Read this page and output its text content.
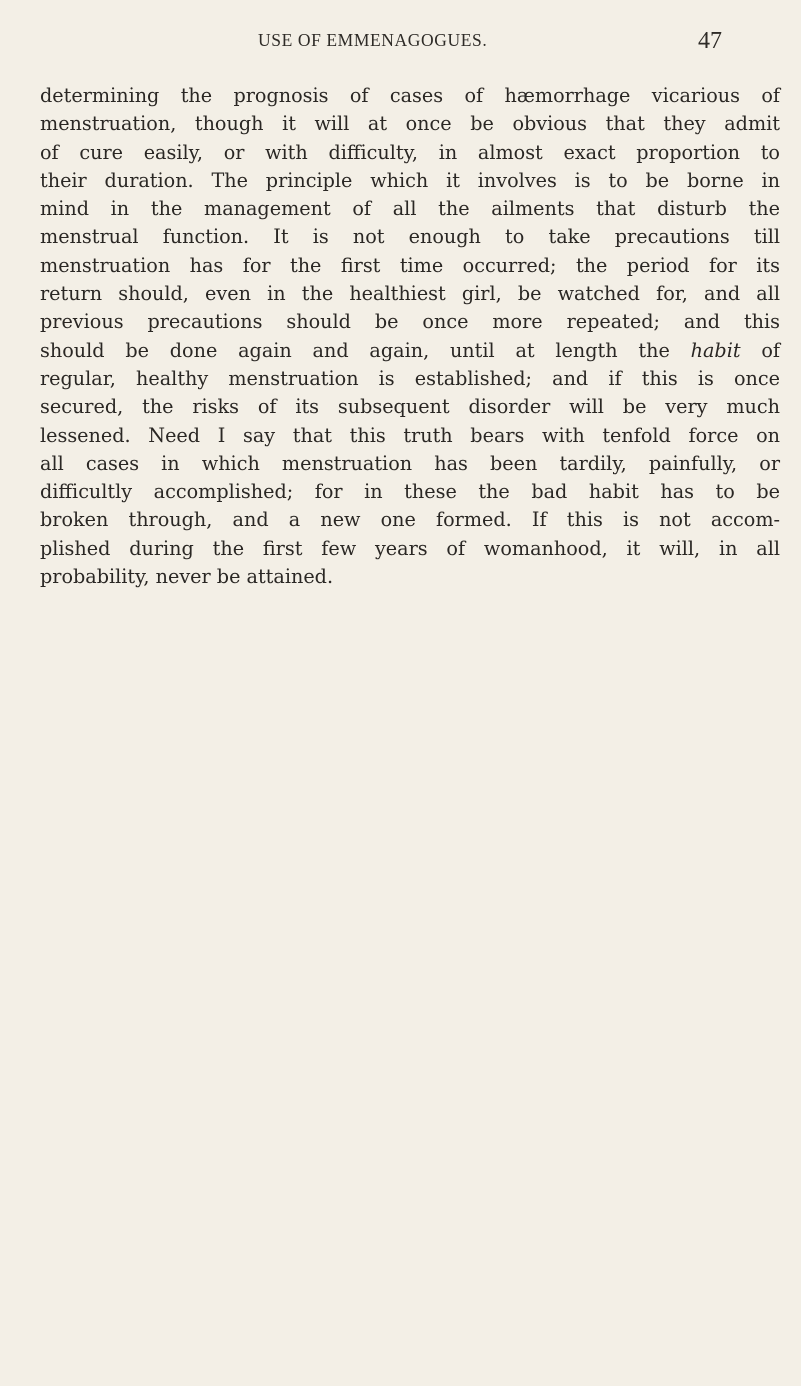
USE OF EMMENAGOGUES.	47
determining the prognosis of cases of hæmorrhage vicarious of
menstruation, though it will at once be obvious that they admit
of cure easily, or with difficulty, in almost exact proportion to
their duration. The principle which it involves is to be borne in
mind in the management of all the ailments that disturb the
menstrual function. It is not enough to take precautions till
menstruation has for the first time occurred; the period for its
return should, even in the healthiest girl, be watched for, and all
previous precautions should be once more repeated; and this
should be done again and again, until at length the habit of
regular, healthy menstruation is established; and if this is once
secured, the risks of its subsequent disorder will be very much
lessened. Need I say that this truth bears with tenfold force on
all cases in which menstruation has been tardily, painfully, or
difficultly accomplished; for in these the bad habit has to be
broken through, and a new one formed. If this is not accom-
plished during the first few years of womanhood, it will, in all
probability, never be attained.
